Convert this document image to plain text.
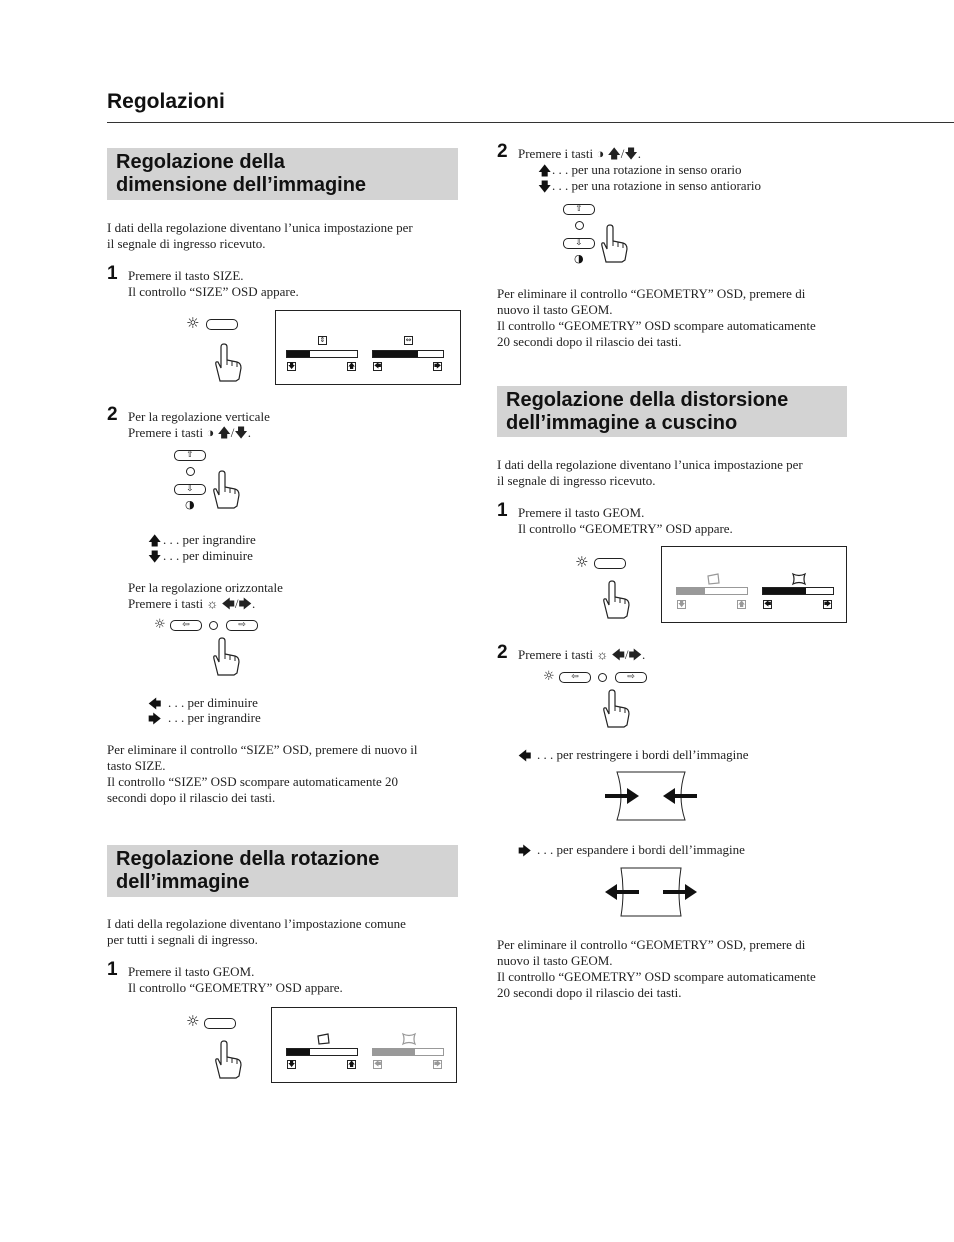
Regolazioni
Regolazione della
dimensione dell’immagine
I dati della regolazione diventano l’unica impostazione per
il segnale di ingresso ricevuto.
1 Premere il tasto SIZE.
Il controllo “SIZE” OSD appare.
☼
⇕	⇔
🡇	🡅	🡄	🡆
2 Per la regolazione verticale
Premere i tasti ◑ 🡅/🡇.
⇧
⇩
◑
🡅 . . . per ingrandire
🡇 . . . per diminuire
Per la regolazione orizzontale
Premere i tasti ☼ 🡄/🡆.
☼	⇦	⇨
🡄 . . . per diminuire
🡆 . . . per ingrandire
Per eliminare il controllo “SIZE” OSD, premere di nuovo il
tasto SIZE.
Il controllo “SIZE” OSD scompare automaticamente 20
secondi dopo il rilascio dei tasti.
Regolazione della rotazione
dell’immagine
I dati della regolazione diventano l’impostazione comune
per tutti i segnali di ingresso.
1 Premere il tasto GEOM.
Il controllo “GEOMETRY” OSD appare.
☼
🡇	🡅	🡄	🡆
2 Premere i tasti ◑ 🡅/🡇.
🡅 . . . per una rotazione in senso orario
🡇 . . . per una rotazione in senso antiorario
⇧
⇩
◑
Per eliminare il controllo “GEOMETRY” OSD, premere di
nuovo il tasto GEOM.
Il controllo “GEOMETRY” OSD scompare automaticamente
20 secondi dopo il rilascio dei tasti.
Regolazione della distorsione
dell’immagine a cuscino
I dati della regolazione diventano l’unica impostazione per
il segnale di ingresso ricevuto.
1 Premere il tasto GEOM.
Il controllo “GEOMETRY” OSD appare.
☼
🡇	🡅	🡄	🡆
2 Premere i tasti ☼ 🡄/🡆.
☼	⇦	⇨
🡄 . . . per restringere i bordi dell’immagine
🡆 . . . per espandere i bordi dell’immagine
Per eliminare il controllo “GEOMETRY” OSD, premere di
nuovo il tasto GEOM.
Il controllo “GEOMETRY” OSD scompare automaticamente
20 secondi dopo il rilascio dei tasti.
